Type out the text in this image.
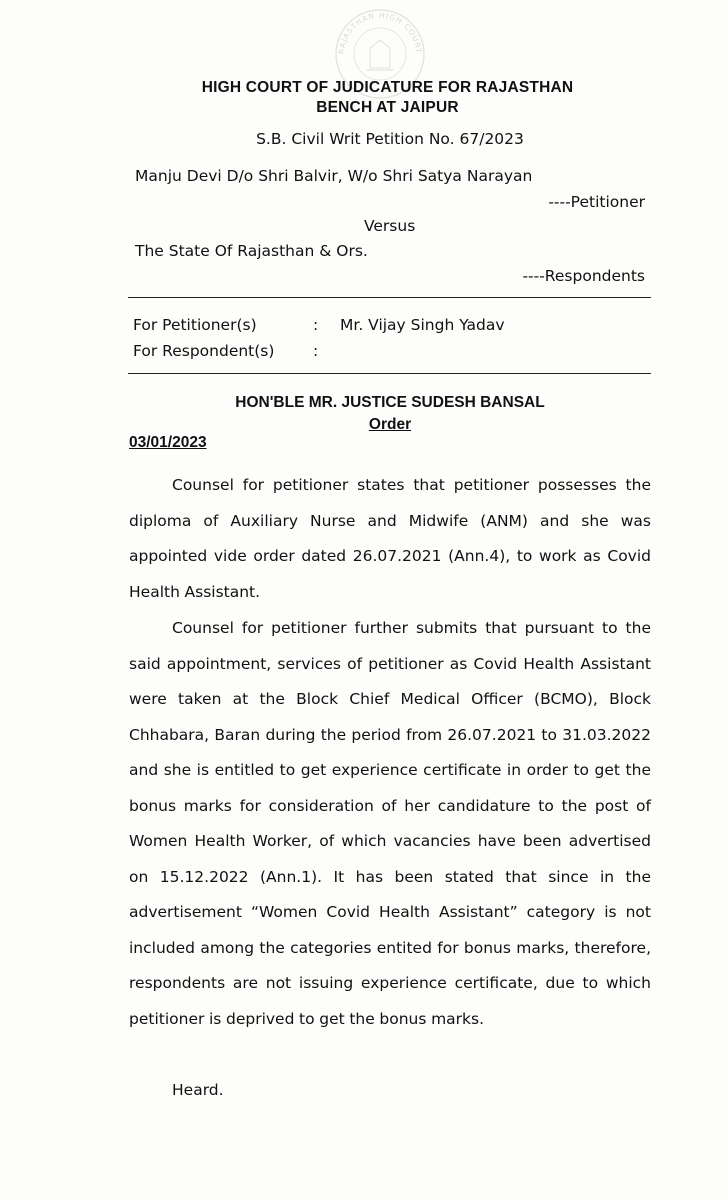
RAJASTHAN HIGH COURT
HIGH COURT OF JUDICATURE FOR RAJASTHAN
BENCH AT JAIPUR
S.B. Civil Writ Petition No. 67/2023
Manju Devi D/o Shri Balvir, W/o Shri Satya Narayan
----Petitioner
Versus
The State Of Rajasthan & Ors.
----Respondents
For Petitioner(s)	: Mr. Vijay Singh Yadav
For Respondent(s) :
HON'BLE MR. JUSTICE SUDESH BANSAL
Order
03/01/2023

Counsel for petitioner states that petitioner possesses the diploma of Auxiliary Nurse and Midwife (ANM) and she was appointed vide order dated 26.07.2021 (Ann.4), to work as Covid Health Assistant.

Counsel for petitioner further submits that pursuant to the said appointment, services of petitioner as Covid Health Assistant were taken at the Block Chief Medical Officer (BCMO), Block Chhabara, Baran during the period from 26.07.2021 to 31.03.2022 and she is entitled to get experience certificate in order to get the bonus marks for consideration of her candidature to the post of Women Health Worker, of which vacancies have been advertised on 15.12.2022 (Ann.1). It has been stated that since in the advertisement “Women Covid Health Assistant” category is not included among the categories entited for bonus marks, therefore, respondents are not issuing experience certificate, due to which petitioner is deprived to get the bonus marks.

Heard.
